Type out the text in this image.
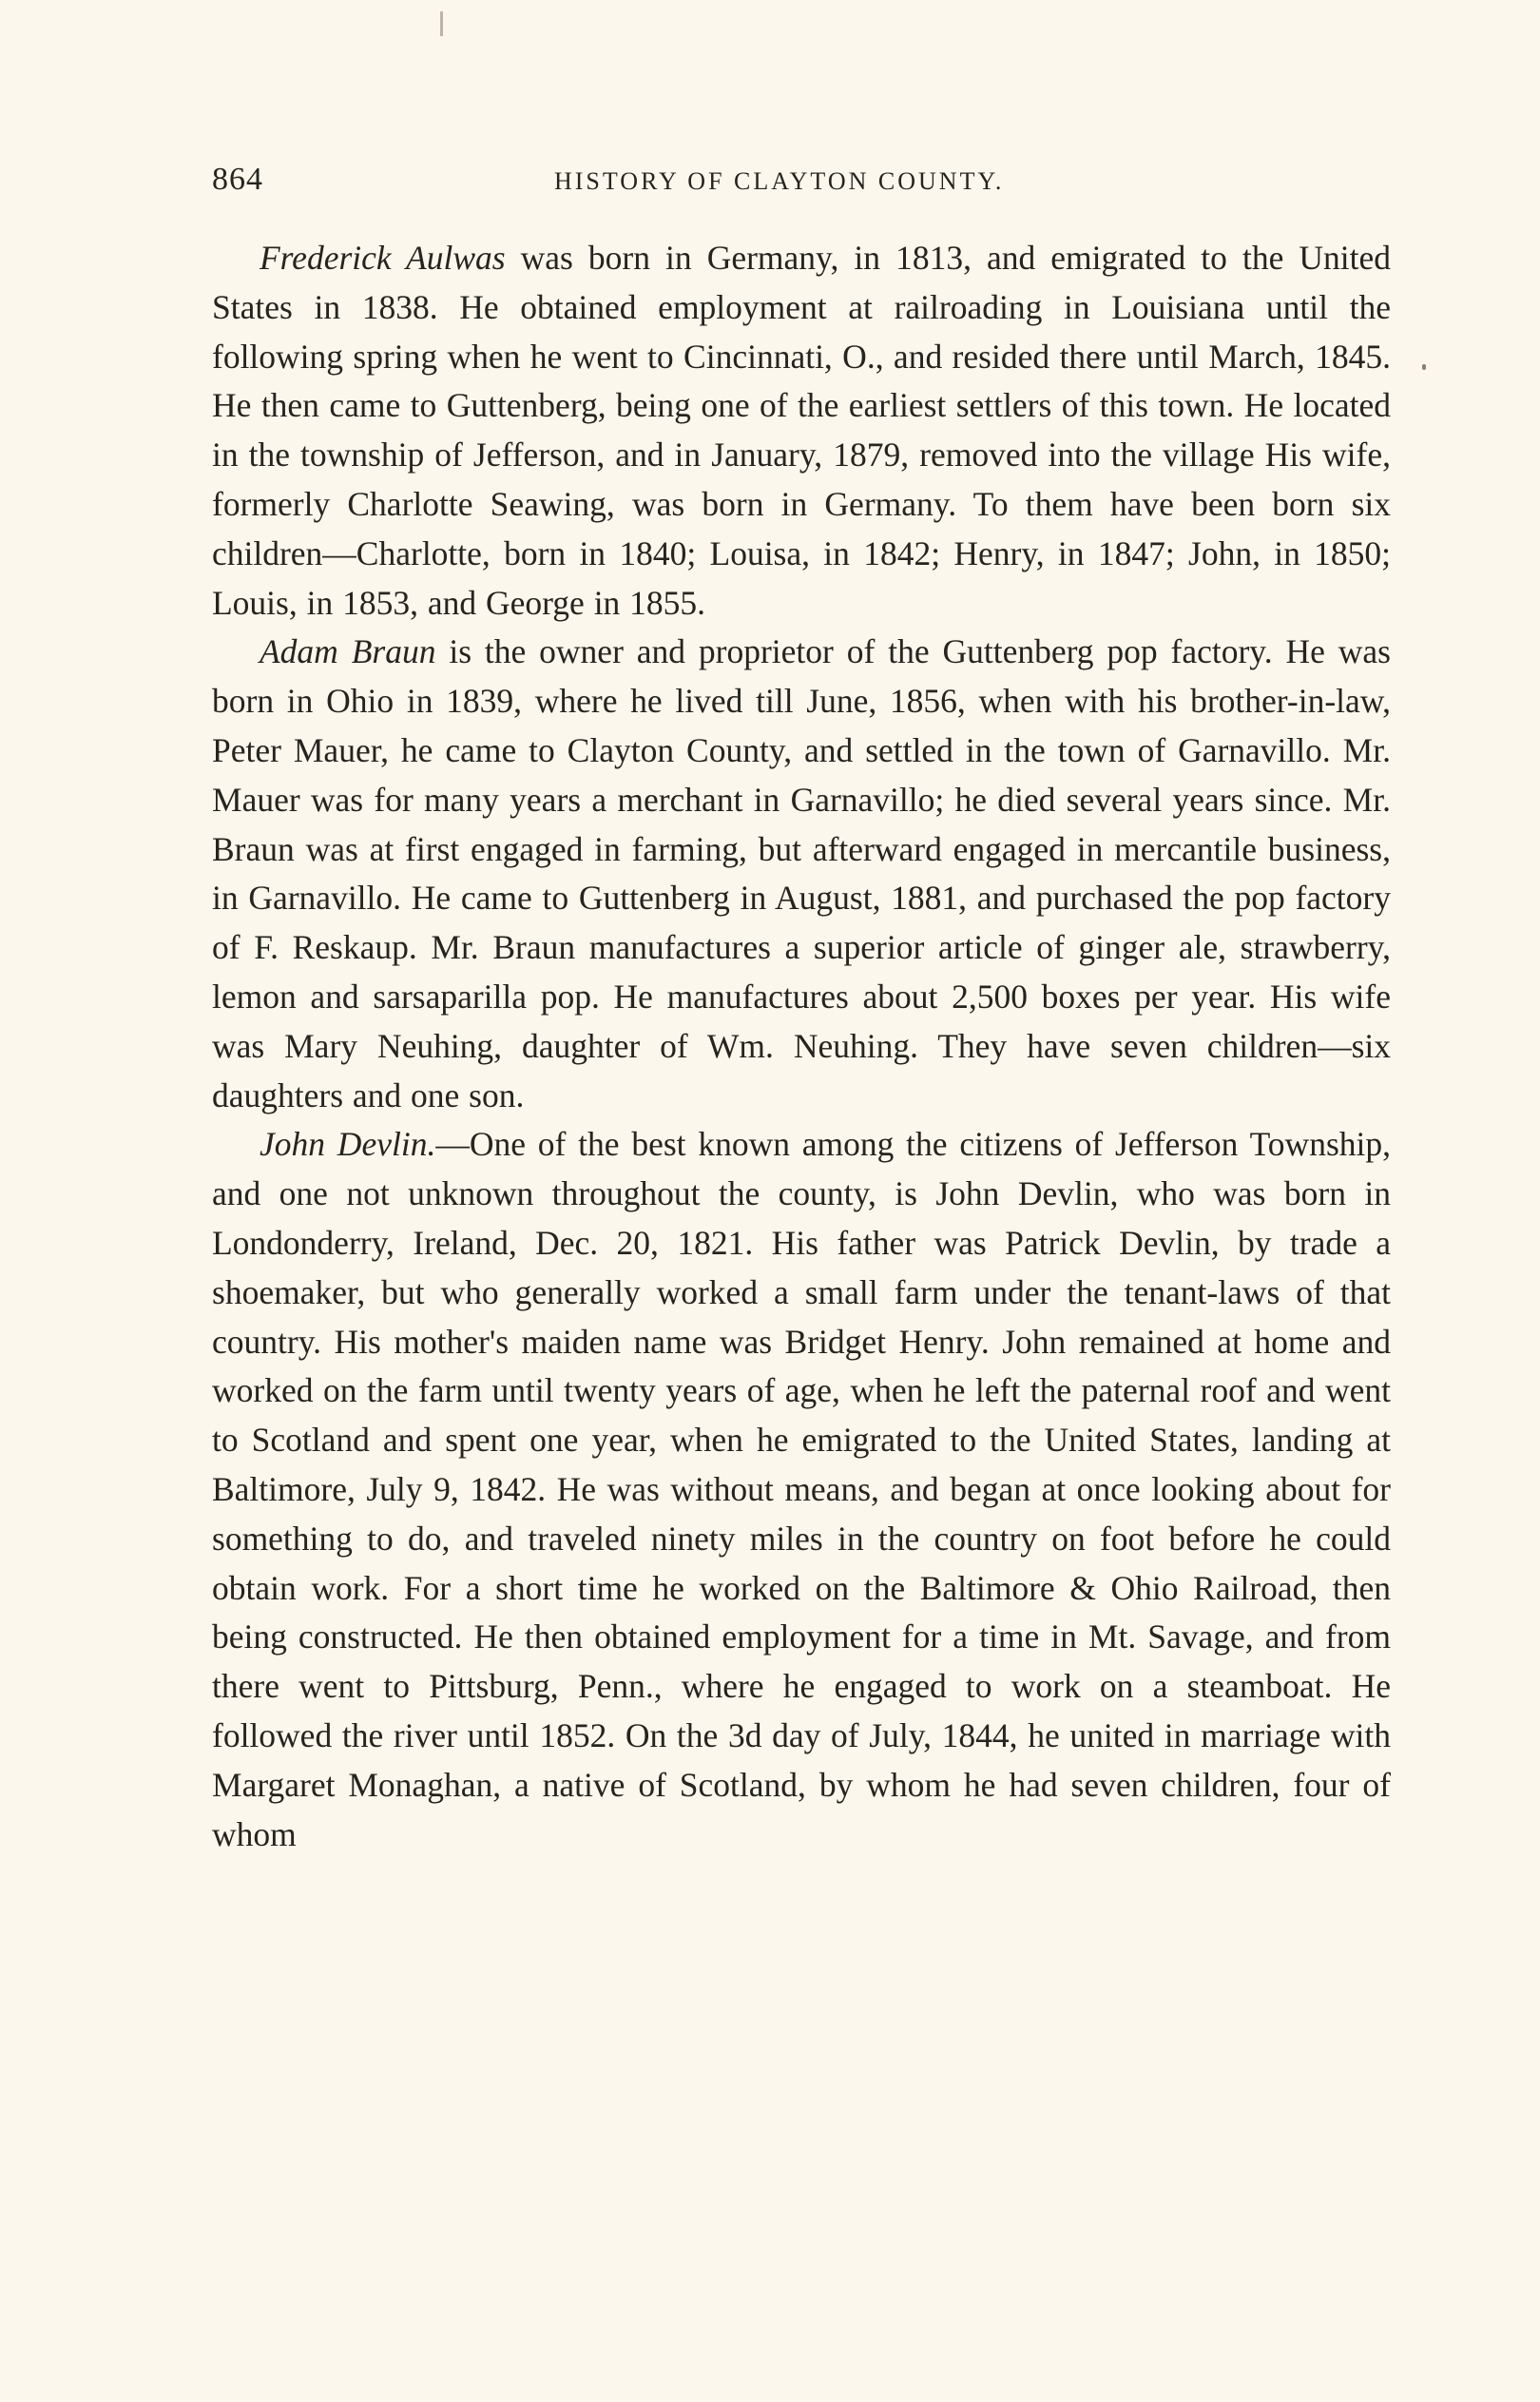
864	HISTORY OF CLAYTON COUNTY.

Frederick Aulwas was born in Germany, in 1813, and emigrated to the United States in 1838. He obtained employment at railroading in Louisiana until the following spring when he went to Cincinnati, O., and resided there until March, 1845. He then came to Guttenberg, being one of the earliest settlers of this town. He located in the township of Jefferson, and in January, 1879, removed into the village His wife, formerly Charlotte Seawing, was born in Germany. To them have been born six children—Charlotte, born in 1840; Louisa, in 1842; Henry, in 1847; John, in 1850; Louis, in 1853, and George in 1855.

Adam Braun is the owner and proprietor of the Guttenberg pop factory. He was born in Ohio in 1839, where he lived till June, 1856, when with his brother-in-law, Peter Mauer, he came to Clayton County, and settled in the town of Garnavillo. Mr. Mauer was for many years a merchant in Garnavillo; he died several years since. Mr. Braun was at first engaged in farming, but afterward engaged in mercantile business, in Garnavillo. He came to Guttenberg in August, 1881, and purchased the pop factory of F. Reskaup. Mr. Braun manufactures a superior article of ginger ale, strawberry, lemon and sarsaparilla pop. He manufactures about 2,500 boxes per year. His wife was Mary Neuhing, daughter of Wm. Neuhing. They have seven children—six daughters and one son.

John Devlin.—One of the best known among the citizens of Jefferson Township, and one not unknown throughout the county, is John Devlin, who was born in Londonderry, Ireland, Dec. 20, 1821. His father was Patrick Devlin, by trade a shoemaker, but who generally worked a small farm under the tenant-laws of that country. His mother's maiden name was Bridget Henry. John remained at home and worked on the farm until twenty years of age, when he left the paternal roof and went to Scotland and spent one year, when he emigrated to the United States, landing at Baltimore, July 9, 1842. He was without means, and began at once looking about for something to do, and traveled ninety miles in the country on foot before he could obtain work. For a short time he worked on the Baltimore & Ohio Railroad, then being constructed. He then obtained employment for a time in Mt. Savage, and from there went to Pittsburg, Penn., where he engaged to work on a steamboat. He followed the river until 1852. On the 3d day of July, 1844, he united in marriage with Margaret Monaghan, a native of Scotland, by whom he had seven children, four of whom
